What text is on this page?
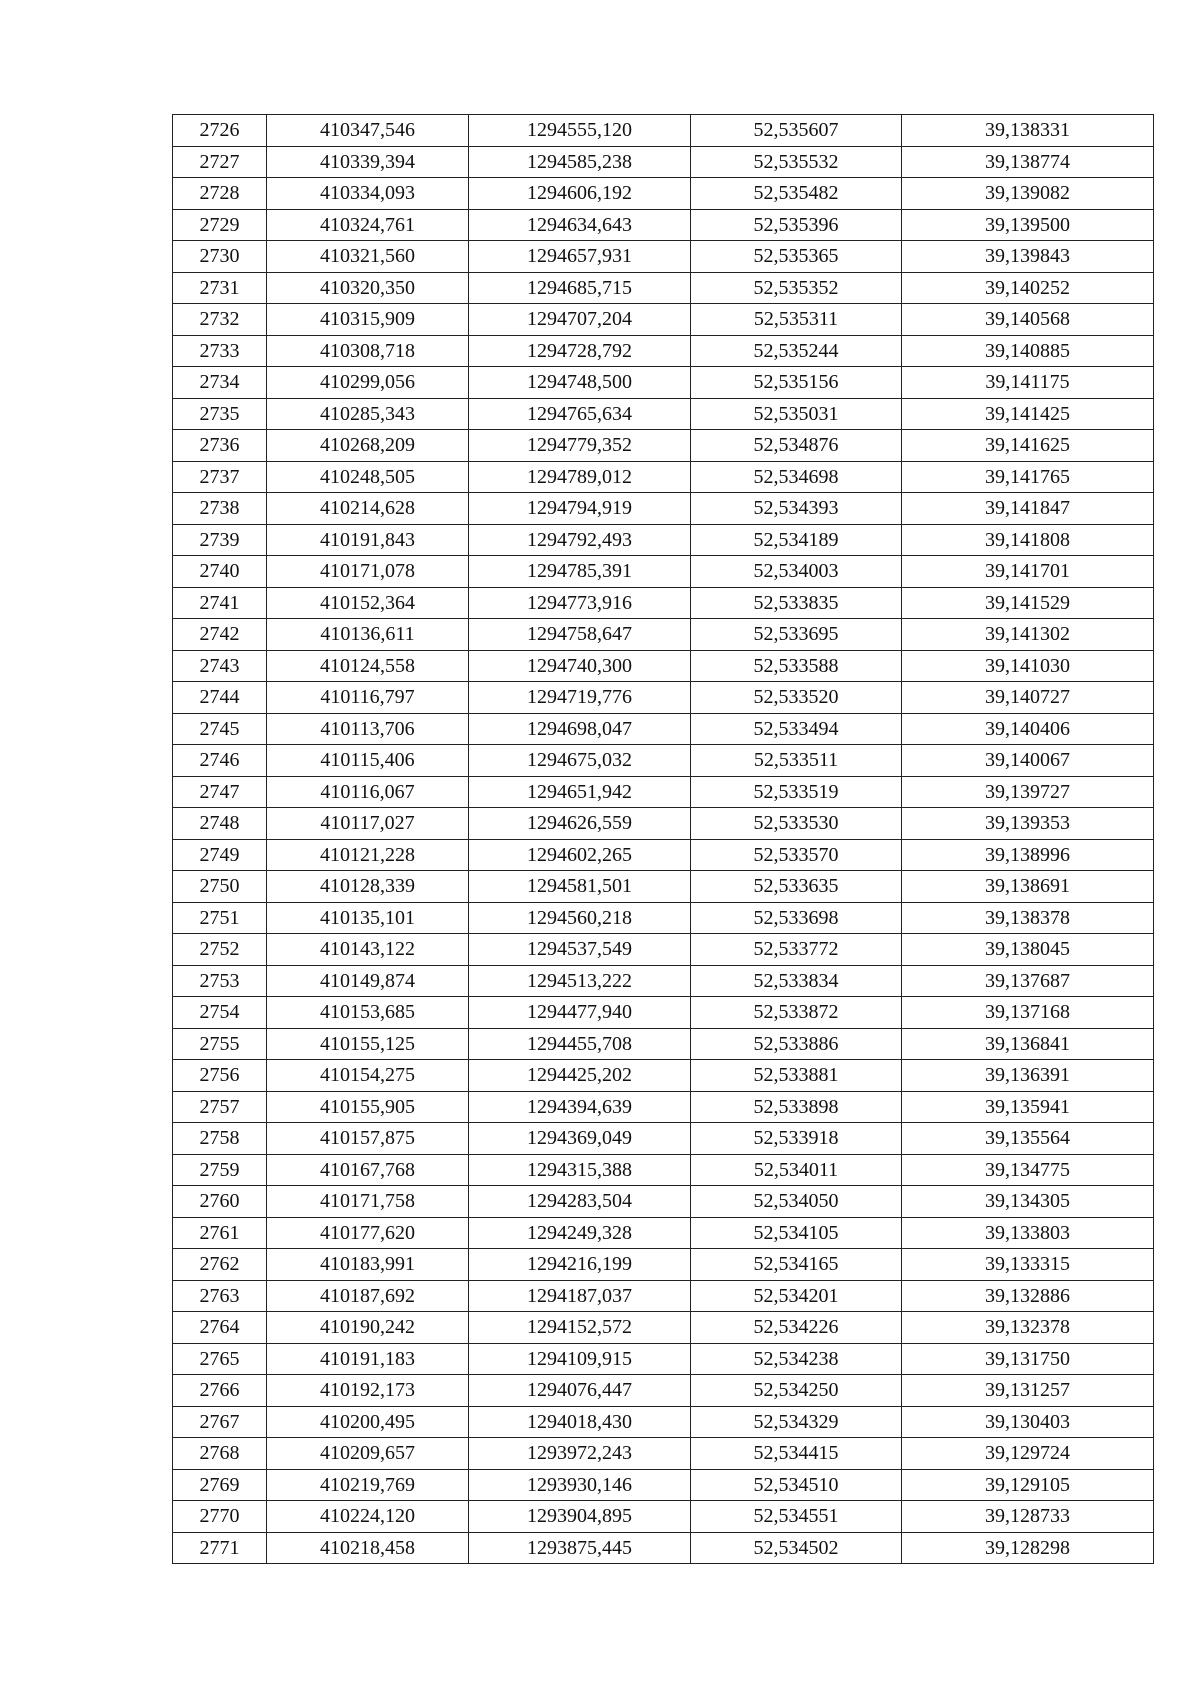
2726	410347,546	1294555,120	52,535607	39,138331
2727	410339,394	1294585,238	52,535532	39,138774
2728	410334,093	1294606,192	52,535482	39,139082
2729	410324,761	1294634,643	52,535396	39,139500
2730	410321,560	1294657,931	52,535365	39,139843
2731	410320,350	1294685,715	52,535352	39,140252
2732	410315,909	1294707,204	52,535311	39,140568
2733	410308,718	1294728,792	52,535244	39,140885
2734	410299,056	1294748,500	52,535156	39,141175
2735	410285,343	1294765,634	52,535031	39,141425
2736	410268,209	1294779,352	52,534876	39,141625
2737	410248,505	1294789,012	52,534698	39,141765
2738	410214,628	1294794,919	52,534393	39,141847
2739	410191,843	1294792,493	52,534189	39,141808
2740	410171,078	1294785,391	52,534003	39,141701
2741	410152,364	1294773,916	52,533835	39,141529
2742	410136,611	1294758,647	52,533695	39,141302
2743	410124,558	1294740,300	52,533588	39,141030
2744	410116,797	1294719,776	52,533520	39,140727
2745	410113,706	1294698,047	52,533494	39,140406
2746	410115,406	1294675,032	52,533511	39,140067
2747	410116,067	1294651,942	52,533519	39,139727
2748	410117,027	1294626,559	52,533530	39,139353
2749	410121,228	1294602,265	52,533570	39,138996
2750	410128,339	1294581,501	52,533635	39,138691
2751	410135,101	1294560,218	52,533698	39,138378
2752	410143,122	1294537,549	52,533772	39,138045
2753	410149,874	1294513,222	52,533834	39,137687
2754	410153,685	1294477,940	52,533872	39,137168
2755	410155,125	1294455,708	52,533886	39,136841
2756	410154,275	1294425,202	52,533881	39,136391
2757	410155,905	1294394,639	52,533898	39,135941
2758	410157,875	1294369,049	52,533918	39,135564
2759	410167,768	1294315,388	52,534011	39,134775
2760	410171,758	1294283,504	52,534050	39,134305
2761	410177,620	1294249,328	52,534105	39,133803
2762	410183,991	1294216,199	52,534165	39,133315
2763	410187,692	1294187,037	52,534201	39,132886
2764	410190,242	1294152,572	52,534226	39,132378
2765	410191,183	1294109,915	52,534238	39,131750
2766	410192,173	1294076,447	52,534250	39,131257
2767	410200,495	1294018,430	52,534329	39,130403
2768	410209,657	1293972,243	52,534415	39,129724
2769	410219,769	1293930,146	52,534510	39,129105
2770	410224,120	1293904,895	52,534551	39,128733
2771	410218,458	1293875,445	52,534502	39,128298
